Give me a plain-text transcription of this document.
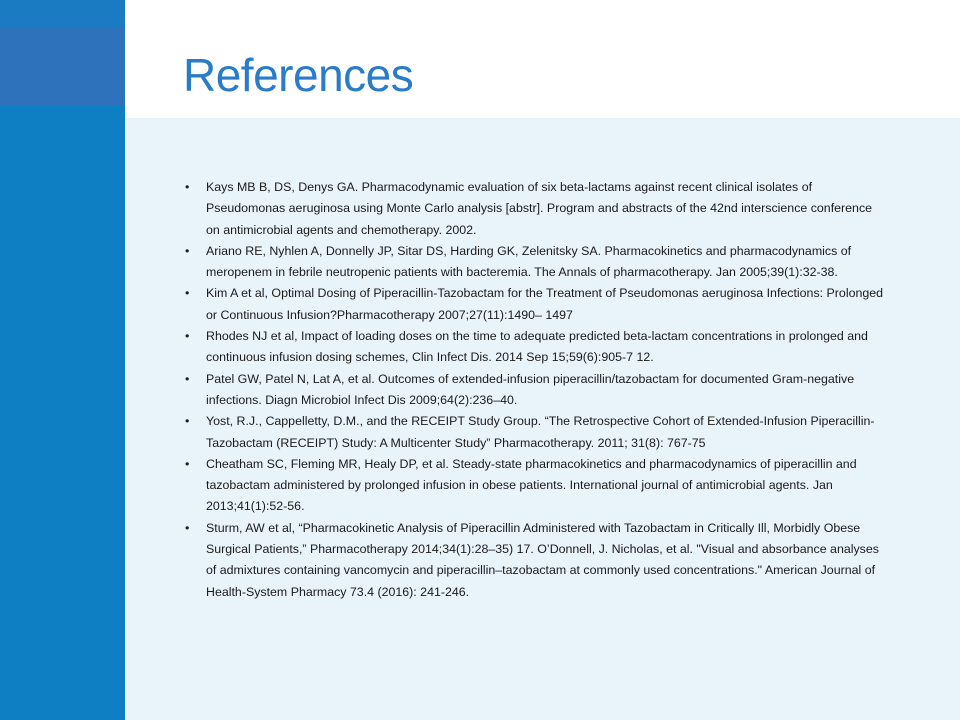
References
• Kays MB B, DS, Denys GA. Pharmacodynamic evaluation of six beta-lactams against recent clinical isolates of Pseudomonas aeruginosa using Monte Carlo analysis [abstr]. Program and abstracts of the 42nd interscience conference on antimicrobial agents and chemotherapy. 2002.
• Ariano RE, Nyhlen A, Donnelly JP, Sitar DS, Harding GK, Zelenitsky SA. Pharmacokinetics and pharmacodynamics of meropenem in febrile neutropenic patients with bacteremia. The Annals of pharmacotherapy. Jan 2005;39(1):32-38.
• Kim A et al, Optimal Dosing of Piperacillin-Tazobactam for the Treatment of Pseudomonas aeruginosa Infections: Prolonged or Continuous Infusion?Pharmacotherapy 2007;27(11):1490– 1497
• Rhodes NJ et al, Impact of loading doses on the time to adequate predicted beta-lactam concentrations in prolonged and continuous infusion dosing schemes, Clin Infect Dis. 2014 Sep 15;59(6):905-7 12.
• Patel GW, Patel N, Lat A, et al. Outcomes of extended-infusion piperacillin/tazobactam for documented Gram-negative infections. Diagn Microbiol Infect Dis 2009;64(2):236–40.
• Yost, R.J., Cappelletty, D.M., and the RECEIPT Study Group. “The Retrospective Cohort of Extended-Infusion Piperacillin-Tazobactam (RECEIPT) Study: A Multicenter Study” Pharmacotherapy. 2011; 31(8): 767-75
• Cheatham SC, Fleming MR, Healy DP, et al. Steady-state pharmacokinetics and pharmacodynamics of piperacillin and tazobactam administered by prolonged infusion in obese patients. International journal of antimicrobial agents. Jan 2013;41(1):52-56.
• Sturm, AW et al, “Pharmacokinetic Analysis of Piperacillin Administered with Tazobactam in Critically Ill, Morbidly Obese Surgical Patients,” Pharmacotherapy 2014;34(1):28–35) 17. O’Donnell, J. Nicholas, et al. "Visual and absorbance analyses of admixtures containing vancomycin and piperacillin–tazobactam at commonly used concentrations." American Journal of Health-System Pharmacy 73.4 (2016): 241-246.
